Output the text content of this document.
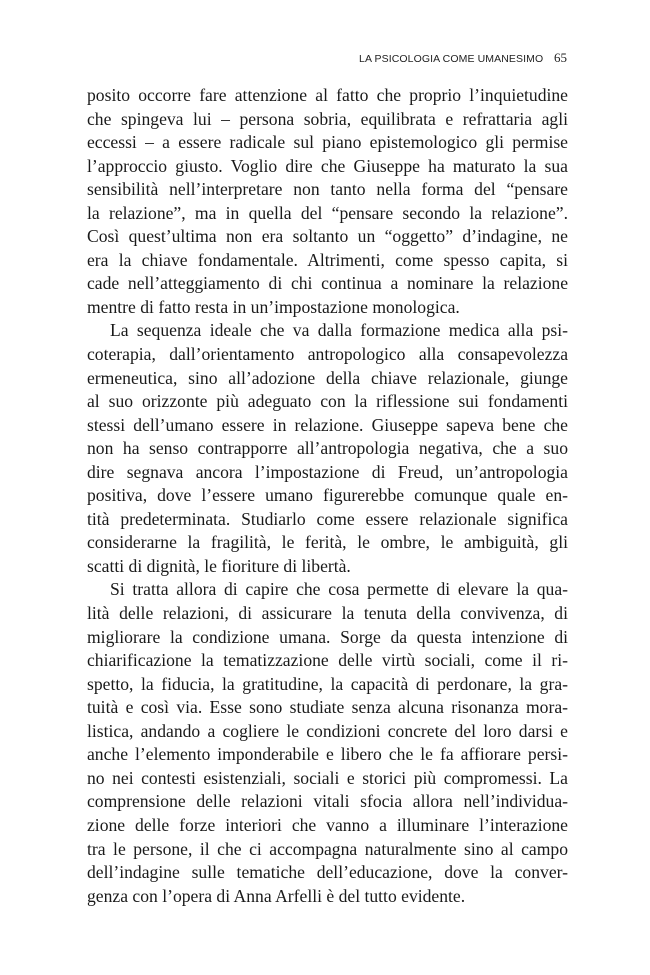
LA PSICOLOGIA COME UMANESIMO 65

posito occorre fare attenzione al fatto che proprio l’inquietudine
che spingeva lui – persona sobria, equilibrata e refrattaria agli
eccessi – a essere radicale sul piano epistemologico gli permise
l’approccio giusto. Voglio dire che Giuseppe ha maturato la sua
sensibilità nell’interpretare non tanto nella forma del “pensare
la relazione”, ma in quella del “pensare secondo la relazione”.
Così quest’ultima non era soltanto un “oggetto” d’indagine, ne
era la chiave fondamentale. Altrimenti, come spesso capita, si
cade nell’atteggiamento di chi continua a nominare la relazione
mentre di fatto resta in un’impostazione monologica.

La sequenza ideale che va dalla formazione medica alla psi-
coterapia, dall’orientamento antropologico alla consapevolezza
ermeneutica, sino all’adozione della chiave relazionale, giunge
al suo orizzonte più adeguato con la riflessione sui fondamenti
stessi dell’umano essere in relazione. Giuseppe sapeva bene che
non ha senso contrapporre all’antropologia negativa, che a suo
dire segnava ancora l’impostazione di Freud, un’antropologia
positiva, dove l’essere umano figurerebbe comunque quale en-
tità predeterminata. Studiarlo come essere relazionale significa
considerarne la fragilità, le ferità, le ombre, le ambiguità, gli
scatti di dignità, le fioriture di libertà.

Si tratta allora di capire che cosa permette di elevare la qua-
lità delle relazioni, di assicurare la tenuta della convivenza, di
migliorare la condizione umana. Sorge da questa intenzione di
chiarificazione la tematizzazione delle virtù sociali, come il ri-
spetto, la fiducia, la gratitudine, la capacità di perdonare, la gra-
tuità e così via. Esse sono studiate senza alcuna risonanza mora-
listica, andando a cogliere le condizioni concrete del loro darsi e
anche l’elemento imponderabile e libero che le fa affiorare persi-
no nei contesti esistenziali, sociali e storici più compromessi. La
comprensione delle relazioni vitali sfocia allora nell’individua-
zione delle forze interiori che vanno a illuminare l’interazione
tra le persone, il che ci accompagna naturalmente sino al campo
dell’indagine sulle tematiche dell’educazione, dove la conver-
genza con l’opera di Anna Arfelli è del tutto evidente.
